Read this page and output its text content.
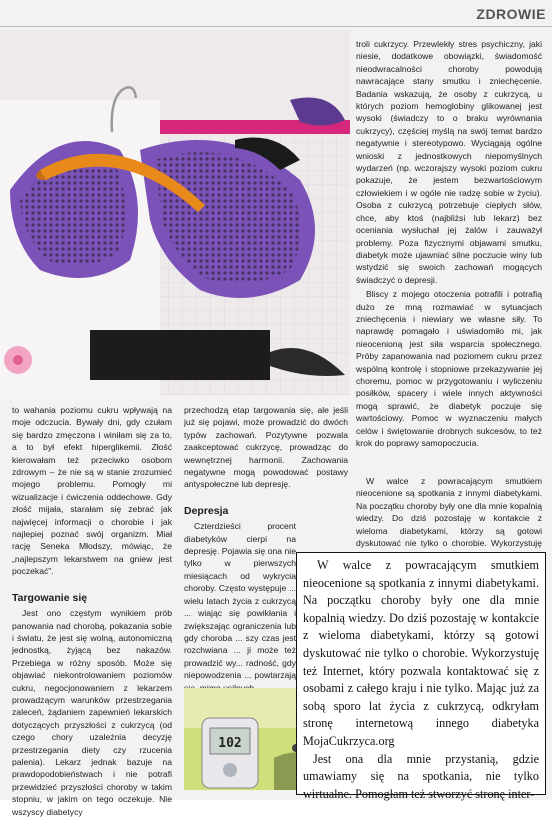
ZDROWIE

troli cukrzycy. Przewlekły stres psychiczny, jaki niesie, dodatkowe obowiązki, świadomość nieodwracalności choroby powodują nawracające stany smutku i zniechęcenie. Badania wskazują, że osoby z cukrzycą, u których poziom hemoglobiny glikowanej jest wysoki (świadczy to o braku wyrównania cukrzycy), częściej myślą na swój temat bardzo negatywnie i stereotypowo. Wyciągają ogólne wnioski z jednostkowych niepomyślnych wydarzeń (np. wczorajszy wysoki poziom cukru pokazuje, że jestem bezwartościowym człowiekiem i w ogóle nie radzę sobie w życiu). Osoba z cukrzycą potrzebuje ciepłych słów, chce, aby ktoś (najbliżsi lub lekarz) bez oceniania wysłuchał jej żalów i zauważył problemy. Poza fizycznymi objawami smutku, diabetyk może ujawniać silne poczucie winy lub wstydzić się swoich zachowań mogących świadczyć o depresji.

Bliscy z mojego otoczenia potrafili i potrafią dużo ze mną rozmawiać w sytuacjach zniechęcenia i niewiary we własne siły. To naprawdę pomagało i uświadomiło mi, jak nieocenioną jest siła wsparcia społecznego. Próby zapanowania nad poziomem cukru przez wspólną kontrolę i stopniowe przekazywanie jej choremu, pomoc w przygotowaniu i wyliczeniu posiłków, spacery i wiele innych aktywności mogą sprawić, że diabetyk poczuje się wartościowy. Pomoc w wyznaczeniu małych celów i świętowanie drobnych sukcesów, to też krok do poprawy samopoczucia.

to wahania poziomu cukru wpływają na moje odczucia. Bywały dni, gdy czułam się bardzo zmęczona i winiłam się za to, a to był efekt hiperglikemii. Złość kierowałam też przeciwko osobom zdrowym – że nie są w stanie zrozumieć mojego problemu. Pomogły mi wizualizacje i ćwiczenia oddechowe. Gdy złość mijała, starałam się zebrać jak najwięcej informacji o chorobie i jak najlepiej poznać swój organizm. Miał rację Seneka Młodszy, mówiąc, że „najlepszym lekarstwem na gniew jest poczekać”.

Targowanie się

Jest ono częstym wynikiem prób panowania nad chorobą, pokazania sobie i światu, że jest się wolną, autonomiczną jednostką, żyjącą bez nakazów. Przebiega w różny sposób. Może się objawiać niekontrolowaniem poziomów cukru, negocjonowaniem z lekarzem prowadzącym warunków przestrzegania zaleceń, żądaniem zapewnień lekarskich dotyczących przyszłości z cukrzycą (od czego chory uzależnia decyzję przestrzegania diety czy rzucenia palenia). Lekarz jednak bazuje na prawdopodobieństwach i nie potrafi przewidzieć przyszłości choroby w takim stopniu, w jakim on tego oczekuje. Nie wszyscy diabetycy

przechodzą etap targowania się, ale jeśli już się pojawi, może prowadzić do dwóch typów zachowań. Pozytywne pozwala zaakceptować cukrzycę, prowadząc do wewnętrznej harmonii. Zachowania negatywne mogą powodować postawy antyspołeczne lub depresję.

Depresja

Czterdzieści procent diabetyków cierpi na depresję. Pojawia się ona nie tylko w pierwszych miesiącach od wykrycia choroby. Często występuje ... wielu latach życia z cukrzycą ... wiając się powikłania zwiększając ograniczenia lub gdy choroba ... szy czas jest rozchwiana ... ji może też prowadzić wy... radność, gdy niepowodzenia ... powtarzają

W walce z powracającym smutkiem nieocenione są spotkania z innymi diabetykami. Na początku choroby były one dla mnie kopalnią wiedzy. Do dziś pozostaję w kontakcie z wieloma diabetykami, którzy są gotowi dyskutować nie tylko o chorobie. Wykorzystuję

102

W walce z powracającym smutkiem nieocenione są spotkania z innymi diabetykami. Na początku choroby były one dla mnie kopalnią wiedzy. Do dziś pozostaję w kontakcie z wieloma diabetykami, którzy są gotowi dyskutować nie tylko o chorobie. Wykorzystuję też Internet, który pozwala kontaktować się z osobami z całego kraju i nie tylko. Mając już za sobą sporo lat życia z cukrzycą, odkryłam stronę internetową innego diabetyka MojaCukrzyca.org

Jest ona dla mnie przystanią, gdzie umawiamy się na spotkania, nie tylko wirtualne. Pomogłam też stworzyć stronę inter-
